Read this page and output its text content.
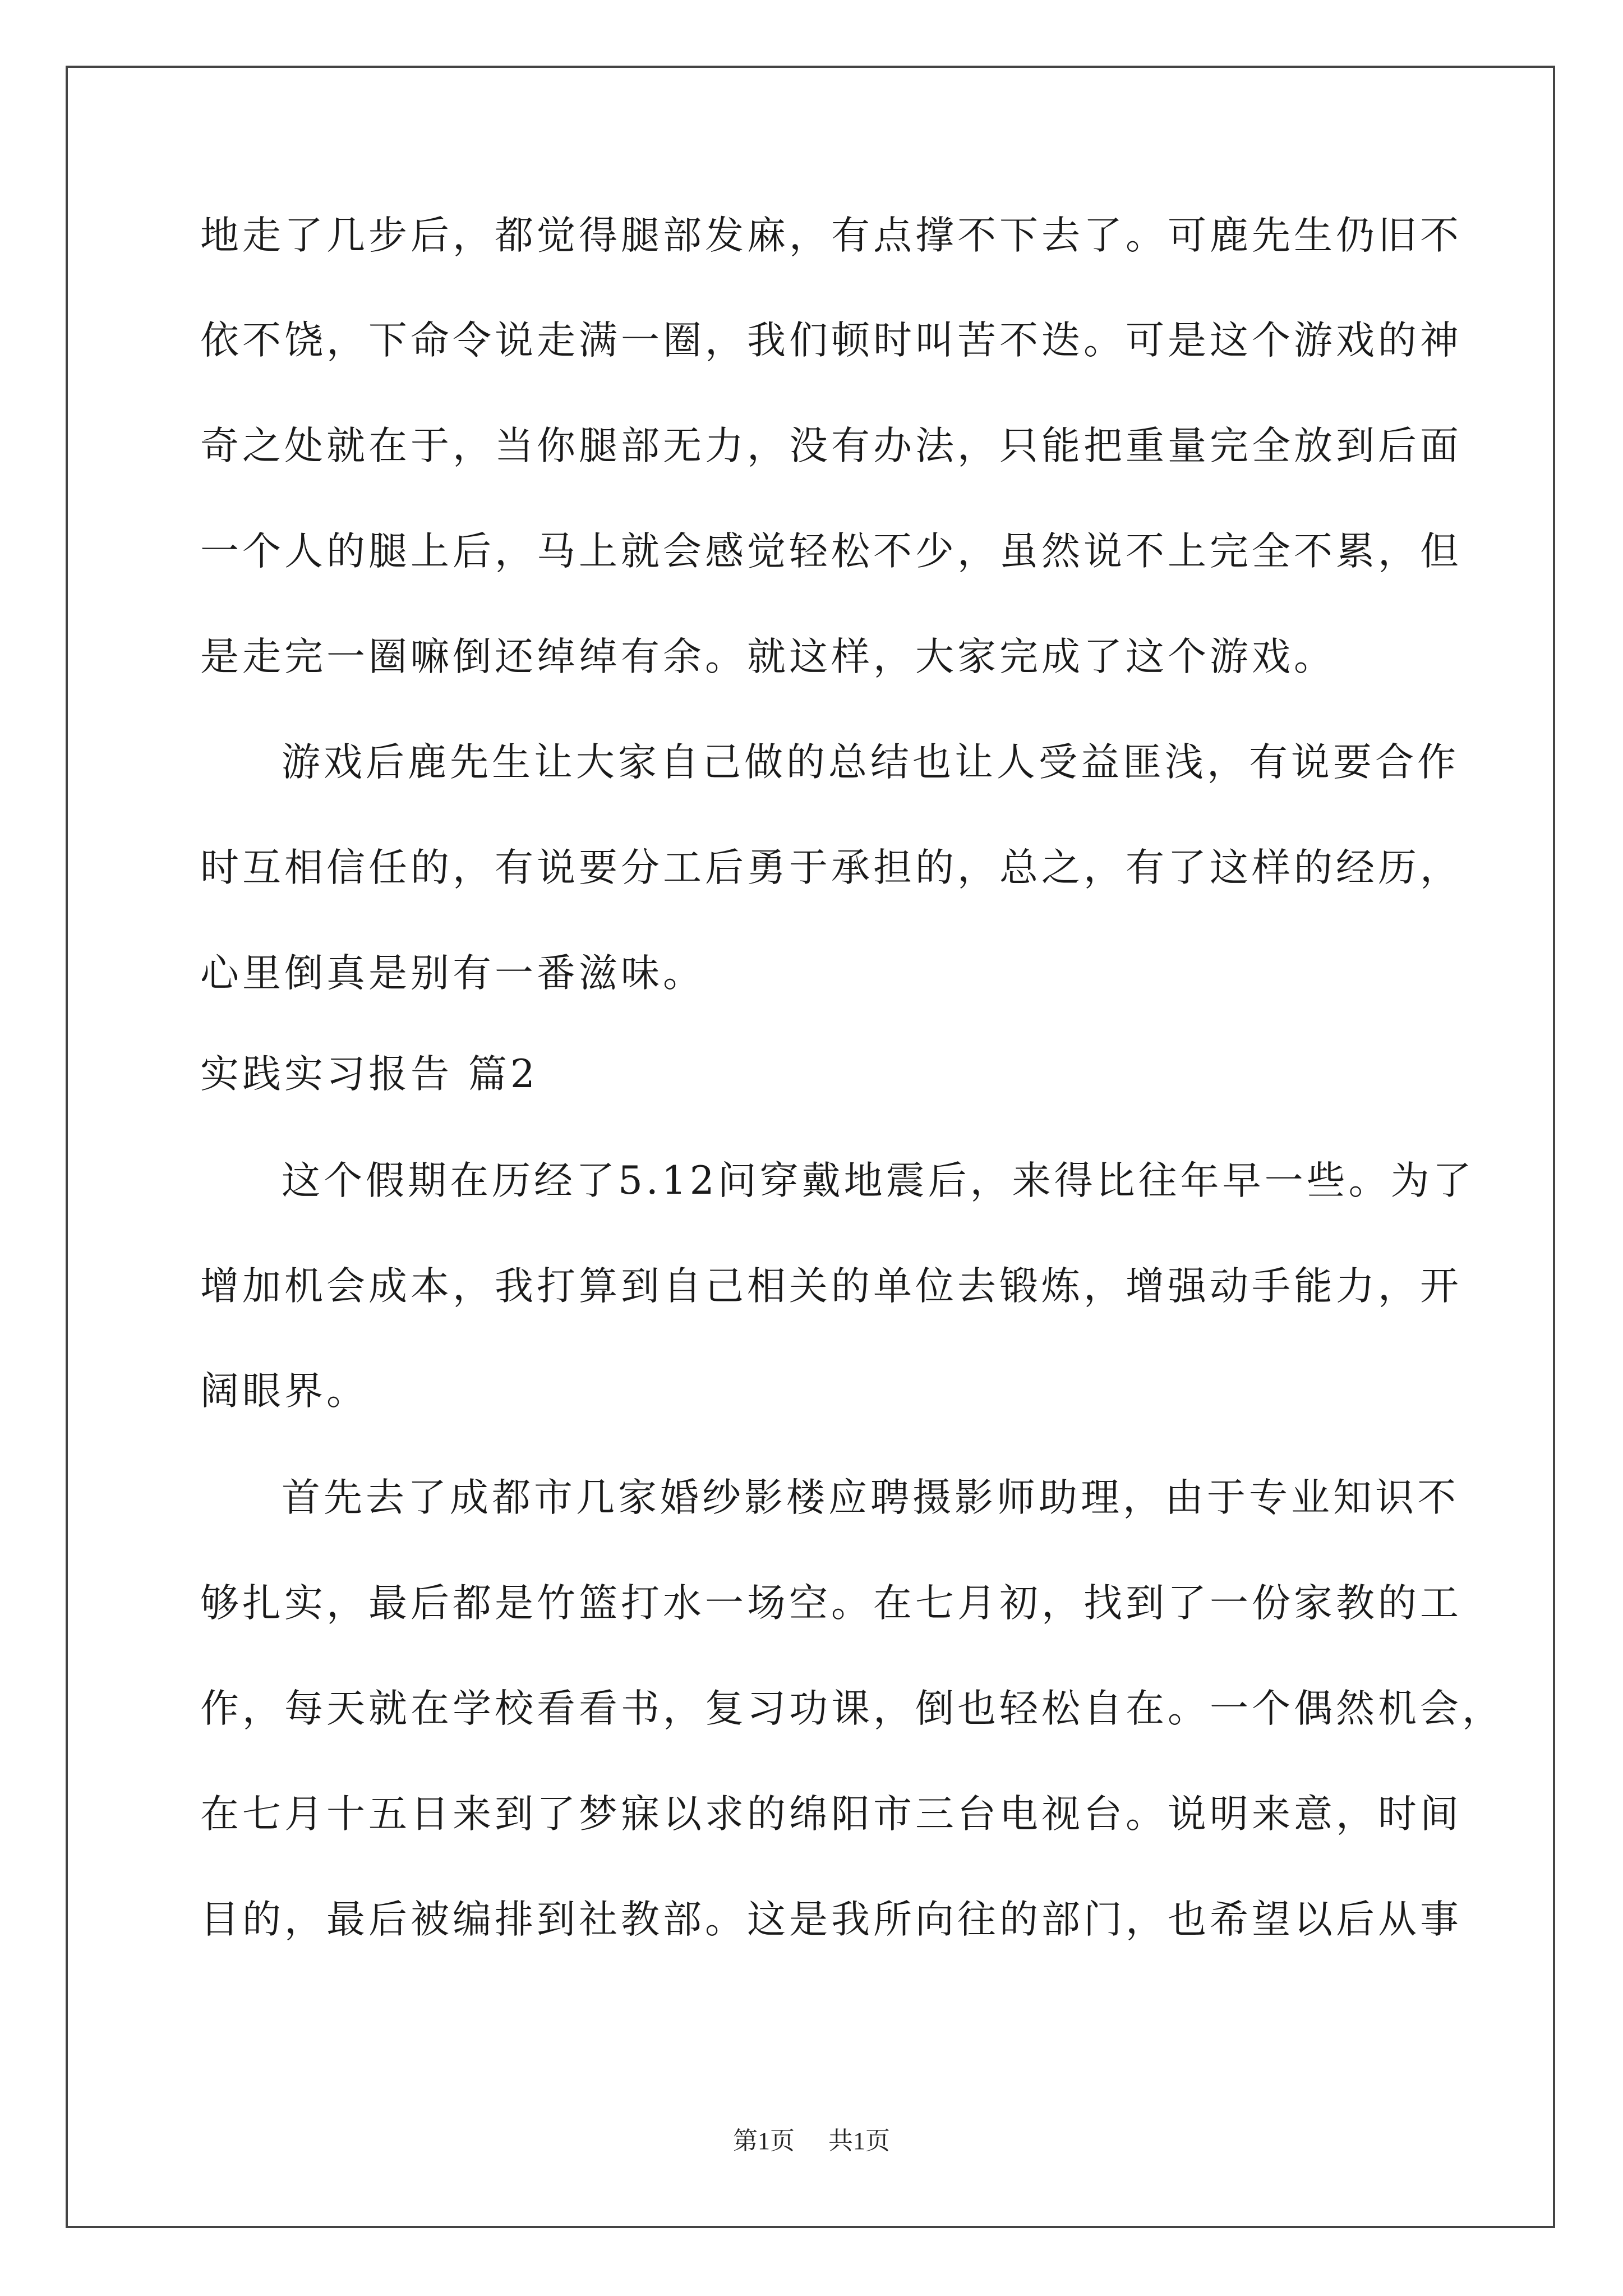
地走了几步后，都觉得腿部发麻，有点撑不下去了。可鹿先生仍旧不
依不饶，下命令说走满一圈，我们顿时叫苦不迭。可是这个游戏的神
奇之处就在于，当你腿部无力，没有办法，只能把重量完全放到后面
一个人的腿上后，马上就会感觉轻松不少，虽然说不上完全不累，但
是走完一圈嘛倒还绰绰有余。就这样，大家完成了这个游戏。
游戏后鹿先生让大家自己做的总结也让人受益匪浅，有说要合作
时互相信任的，有说要分工后勇于承担的，总之，有了这样的经历，
心里倒真是别有一番滋味。
实践实习报告 篇2
这个假期在历经了5.12问穿戴地震后，来得比往年早一些。为了
增加机会成本，我打算到自己相关的单位去锻炼，增强动手能力，开
阔眼界。
首先去了成都市几家婚纱影楼应聘摄影师助理，由于专业知识不
够扎实，最后都是竹篮打水一场空。在七月初，找到了一份家教的工
作，每天就在学校看看书，复习功课，倒也轻松自在。一个偶然机会，
在七月十五日来到了梦寐以求的绵阳市三台电视台。说明来意，时间
目的，最后被编排到社教部。这是我所向往的部门，也希望以后从事
第1页 共1页
